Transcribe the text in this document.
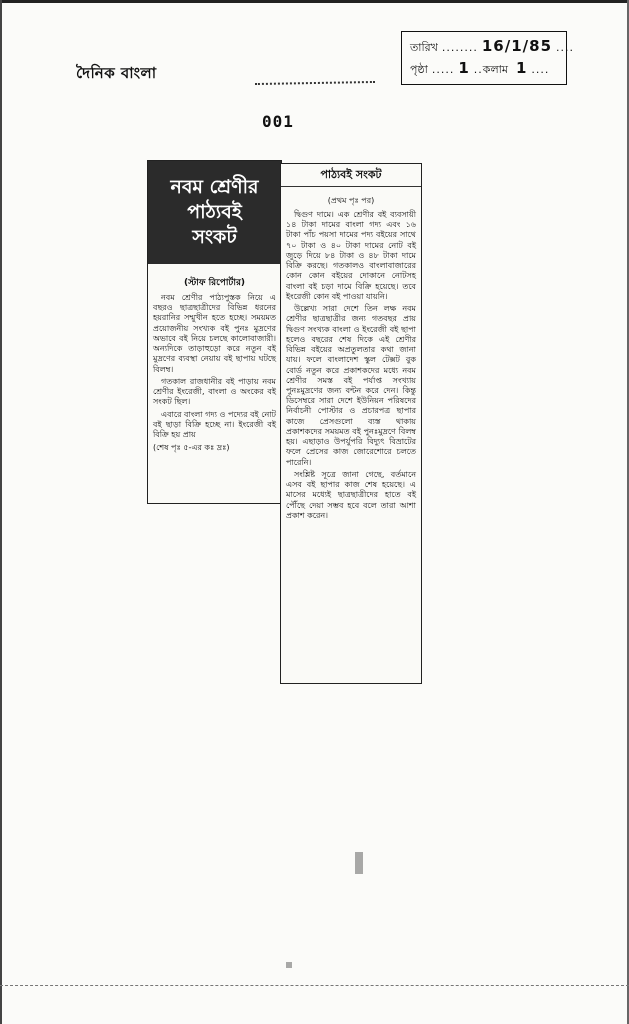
দৈনিক বাংলা
তারিখ ........ 16/1/85 ....
পৃষ্ঠা ..... 1 .. কলাম 1 ....
001
নবম শ্রেণীর
পাঠ্যবই
সংকট
(স্টাফ রিপোর্টার)

নবম শ্রেণীর পাঠ্যপুস্তক নিয়ে এ বছরও ছাত্রছাত্রীদের বিভিন্ন ধরনের হয়রানির সম্মুখীন হতে হচ্ছে। সময়মত প্রয়োজনীয় সংখ্যক বই পুনঃ মুদ্রণের অভাবে বই নিয়ে চলছে কালোবাজারী। অন্যদিকে তাড়াহুড়ো করে নতুন বই মুদ্রণের ব্যবস্থা নেয়ায় বই ছাপায় ঘটছে বিলম্ব।

গতকাল রাজধানীর বই পাড়ায় নবম শ্রেণীর ইংরেজী, বাংলা ও অংকের বই সংকট ছিল।

এবারে বাংলা গদ্য ও পদ্যের বই নোট বই ছাড়া বিক্রি হচ্ছে না। ইংরেজী বই বিক্রি হয় প্রায়

(শেষ পৃঃ ৫-এর কঃ দ্রঃ)
পাঠ্যবই সংকট
(প্রথম পৃঃ পর)

দ্বিগুণ দামে। এক শ্রেণীর বই ব্যবসায়ী ১৪ টাকা দামের বাংলা গদ্য এবং ১৬ টাকা পাঁচ পয়সা দামের পদ্য বইয়ের সাথে ৭০ টাকা ও ৪০ টাকা দামের নোট বই জুড়ে দিয়ে ৮৪ টাকা ও ৪৮ টাকা দামে বিক্রি করছে। গতকালও বাংলাবাজারের কোন কোন বইয়ের দোকানে নোটসহ বাংলা বই চড়া দামে বিক্রি হয়েছে। তবে ইংরেজী কোন বই পাওয়া যায়নি।

উল্লেখ্য সারা দেশে তিন লক্ষ নবম শ্রেণীর ছাত্রছাত্রীর জন্য গতবছর প্রায় দ্বিগুণ সংখ্যক বাংলা ও ইংরেজী বই ছাপা হলেও বছরের শেষ দিকে এই শ্রেণীর বিভিন্ন বইয়ের অপ্রতুলতার কথা জানা যায়। ফলে বাংলাদেশ স্কুল টেক্সট বুক বোর্ড নতুন করে প্রকাশকদের মধ্যে নবম শ্রেণীর সমস্ত বই পর্যাপ্ত সংখ্যায় পুনঃমুদ্রণের জন্য বন্টন করে দেন। কিন্তু ডিসেম্বরে সারা দেশে ইউনিয়ন পরিষদের নির্বাচনী পোস্টার ও প্রচারপত্র ছাপার কাজে প্রেসগুলো ব্যস্ত থাকায় প্রকাশকদের সময়মত বই পুনঃমুদ্রণে বিলম্ব হয়। এছাড়াও উপর্যুপরি বিদ্যুৎ বিভ্রাটের ফলে প্রেসের কাজ জোরেশোরে চলতে পারেনি।

সংশ্লিষ্ট সূত্রে জানা গেছে, বর্তমানে এসব বই ছাপার কাজ শেষ হয়েছে। এ মাসের মধ্যেই ছাত্রছাত্রীদের হাতে বই পৌঁছে দেয়া সম্ভব হবে বলে তারা আশা প্রকাশ করেন।
